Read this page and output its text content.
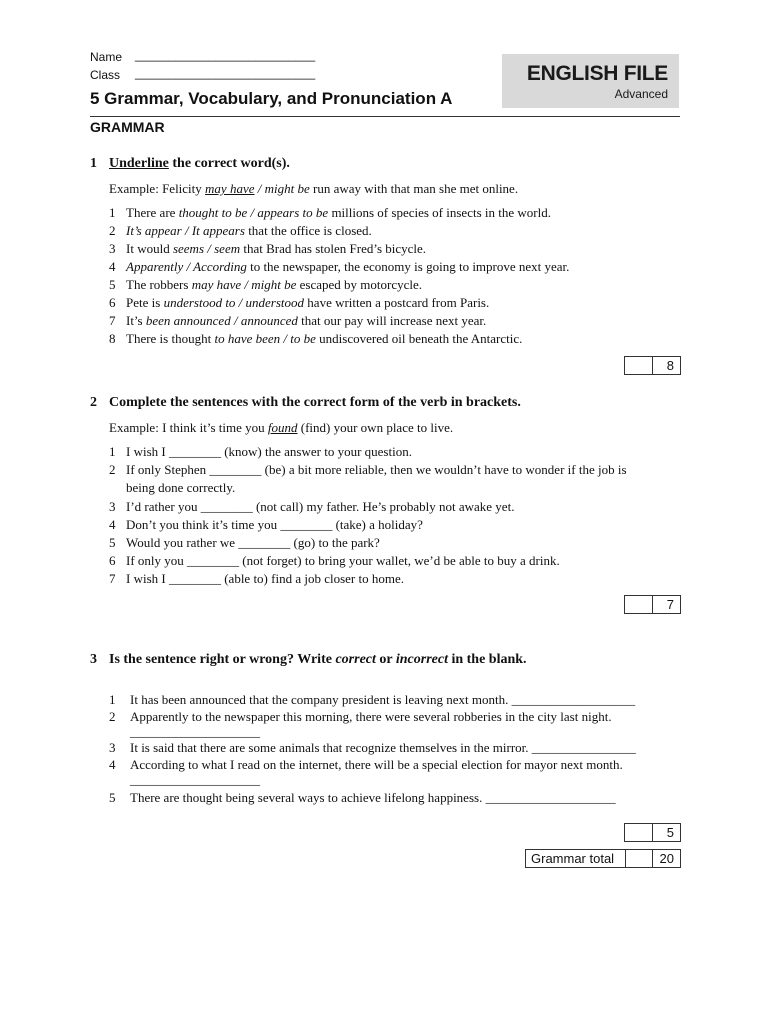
Name ___________________________
Class ___________________________	ENGLISH FILE
Advanced
5 Grammar, Vocabulary, and Pronunciation A
GRAMMAR
1 Underline the correct word(s).
Example: Felicity may have / might be run away with that man she met online.
1 There are thought to be / appears to be millions of species of insects in the world.
2 It’s appear / It appears that the office is closed.
3 It would seems / seem that Brad has stolen Fred’s bicycle.
4 Apparently / According to the newspaper, the economy is going to improve next year.
5 The robbers may have / might be escaped by motorcycle.
6 Pete is understood to / understood have written a postcard from Paris.
7 It’s been announced / announced that our pay will increase next year.
8 There is thought to have been / to be undiscovered oil beneath the Antarctic.
8
2 Complete the sentences with the correct form of the verb in brackets.
Example: I think it’s time you found (find) your own place to live.
1 I wish I ________ (know) the answer to your question.
2 If only Stephen ________ (be) a bit more reliable, then we wouldn’t have to wonder if the job is
being done correctly.
3 I’d rather you ________ (not call) my father. He’s probably not awake yet.
4 Don’t you think it’s time you ________ (take) a holiday?
5 Would you rather we ________ (go) to the park?
6 If only you ________ (not forget) to bring your wallet, we’d be able to buy a drink.
7 I wish I ________ (able to) find a job closer to home.
7
3 Is the sentence right or wrong? Write correct or incorrect in the blank.
1 It has been announced that the company president is leaving next month. ___________________
2 Apparently to the newspaper this morning, there were several robberies in the city last night.
____________________
3 It is said that there are some animals that recognize themselves in the mirror. ________________
4 According to what I read on the internet, there will be a special election for mayor next month.
____________________
5 There are thought being several ways to achieve lifelong happiness. ____________________
5
Grammar total	20
